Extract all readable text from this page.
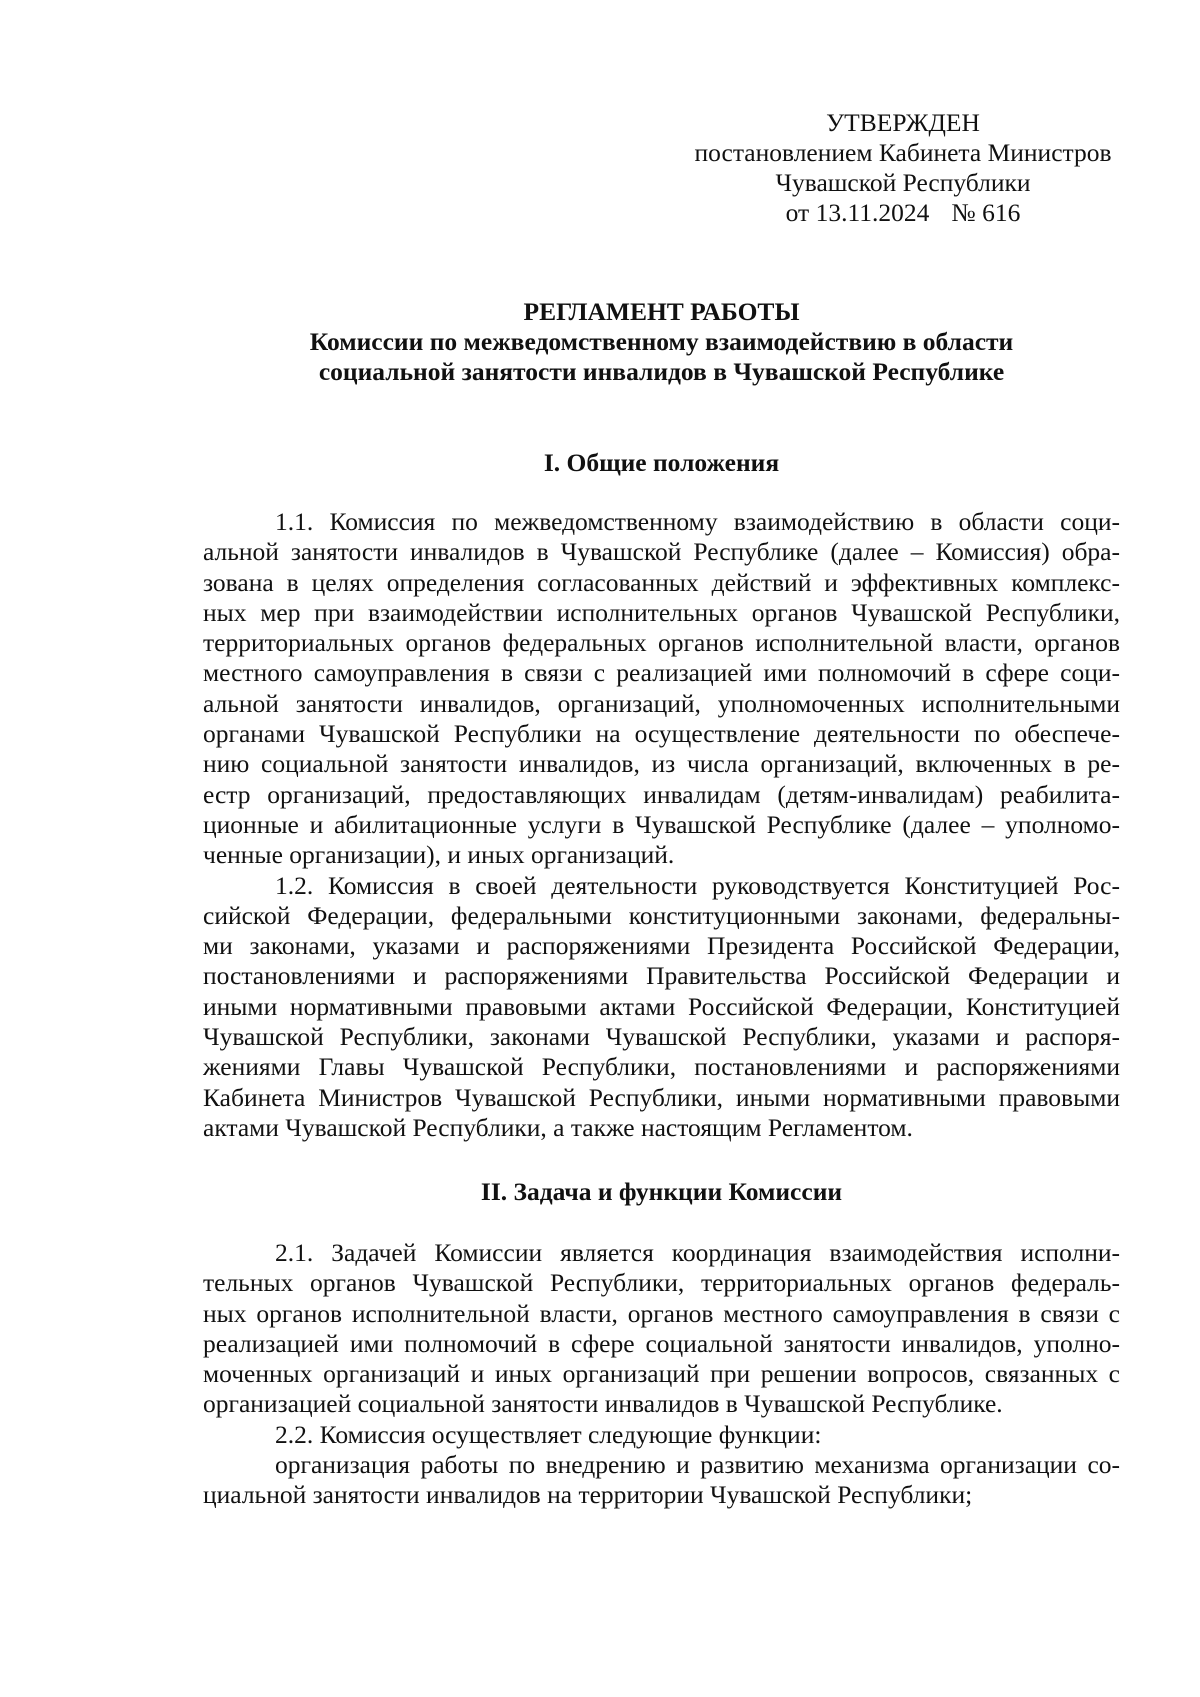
УТВЕРЖДЕН
постановлением Кабинета Министров
Чувашской Республики
от 13.11.2024 № 616
РЕГЛАМЕНТ РАБОТЫ
Комиссии по межведомственному взаимодействию в области
социальной занятости инвалидов в Чувашской Республике
I. Общие положения
1.1. Комиссия по межведомственному взаимодействию в области соци-
альной занятости инвалидов в Чувашской Республике (далее – Комиссия) обра-
зована в целях определения согласованных действий и эффективных комплекс-
ных мер при взаимодействии исполнительных органов Чувашской Республики,
территориальных органов федеральных органов исполнительной власти, органов
местного самоуправления в связи с реализацией ими полномочий в сфере соци-
альной занятости инвалидов, организаций, уполномоченных исполнительными
органами Чувашской Республики на осуществление деятельности по обеспече-
нию социальной занятости инвалидов, из числа организаций, включенных в ре-
естр организаций, предоставляющих инвалидам (детям-инвалидам) реабилита-
ционные и абилитационные услуги в Чувашской Республике (далее – уполномо-
ченные организации), и иных организаций.
1.2. Комиссия в своей деятельности руководствуется Конституцией Рос-
сийской Федерации, федеральными конституционными законами, федеральны-
ми законами, указами и распоряжениями Президента Российской Федерации,
постановлениями и распоряжениями Правительства Российской Федерации и
иными нормативными правовыми актами Российской Федерации, Конституцией
Чувашской Республики, законами Чувашской Республики, указами и распоря-
жениями Главы Чувашской Республики, постановлениями и распоряжениями
Кабинета Министров Чувашской Республики, иными нормативными правовыми
актами Чувашской Республики, а также настоящим Регламентом.
II. Задача и функции Комиссии
2.1. Задачей Комиссии является координация взаимодействия исполни-
тельных органов Чувашской Республики, территориальных органов федераль-
ных органов исполнительной власти, органов местного самоуправления в связи с
реализацией ими полномочий в сфере социальной занятости инвалидов, уполно-
моченных организаций и иных организаций при решении вопросов, связанных с
организацией социальной занятости инвалидов в Чувашской Республике.
2.2. Комиссия осуществляет следующие функции:
организация работы по внедрению и развитию механизма организации со-
циальной занятости инвалидов на территории Чувашской Республики;
